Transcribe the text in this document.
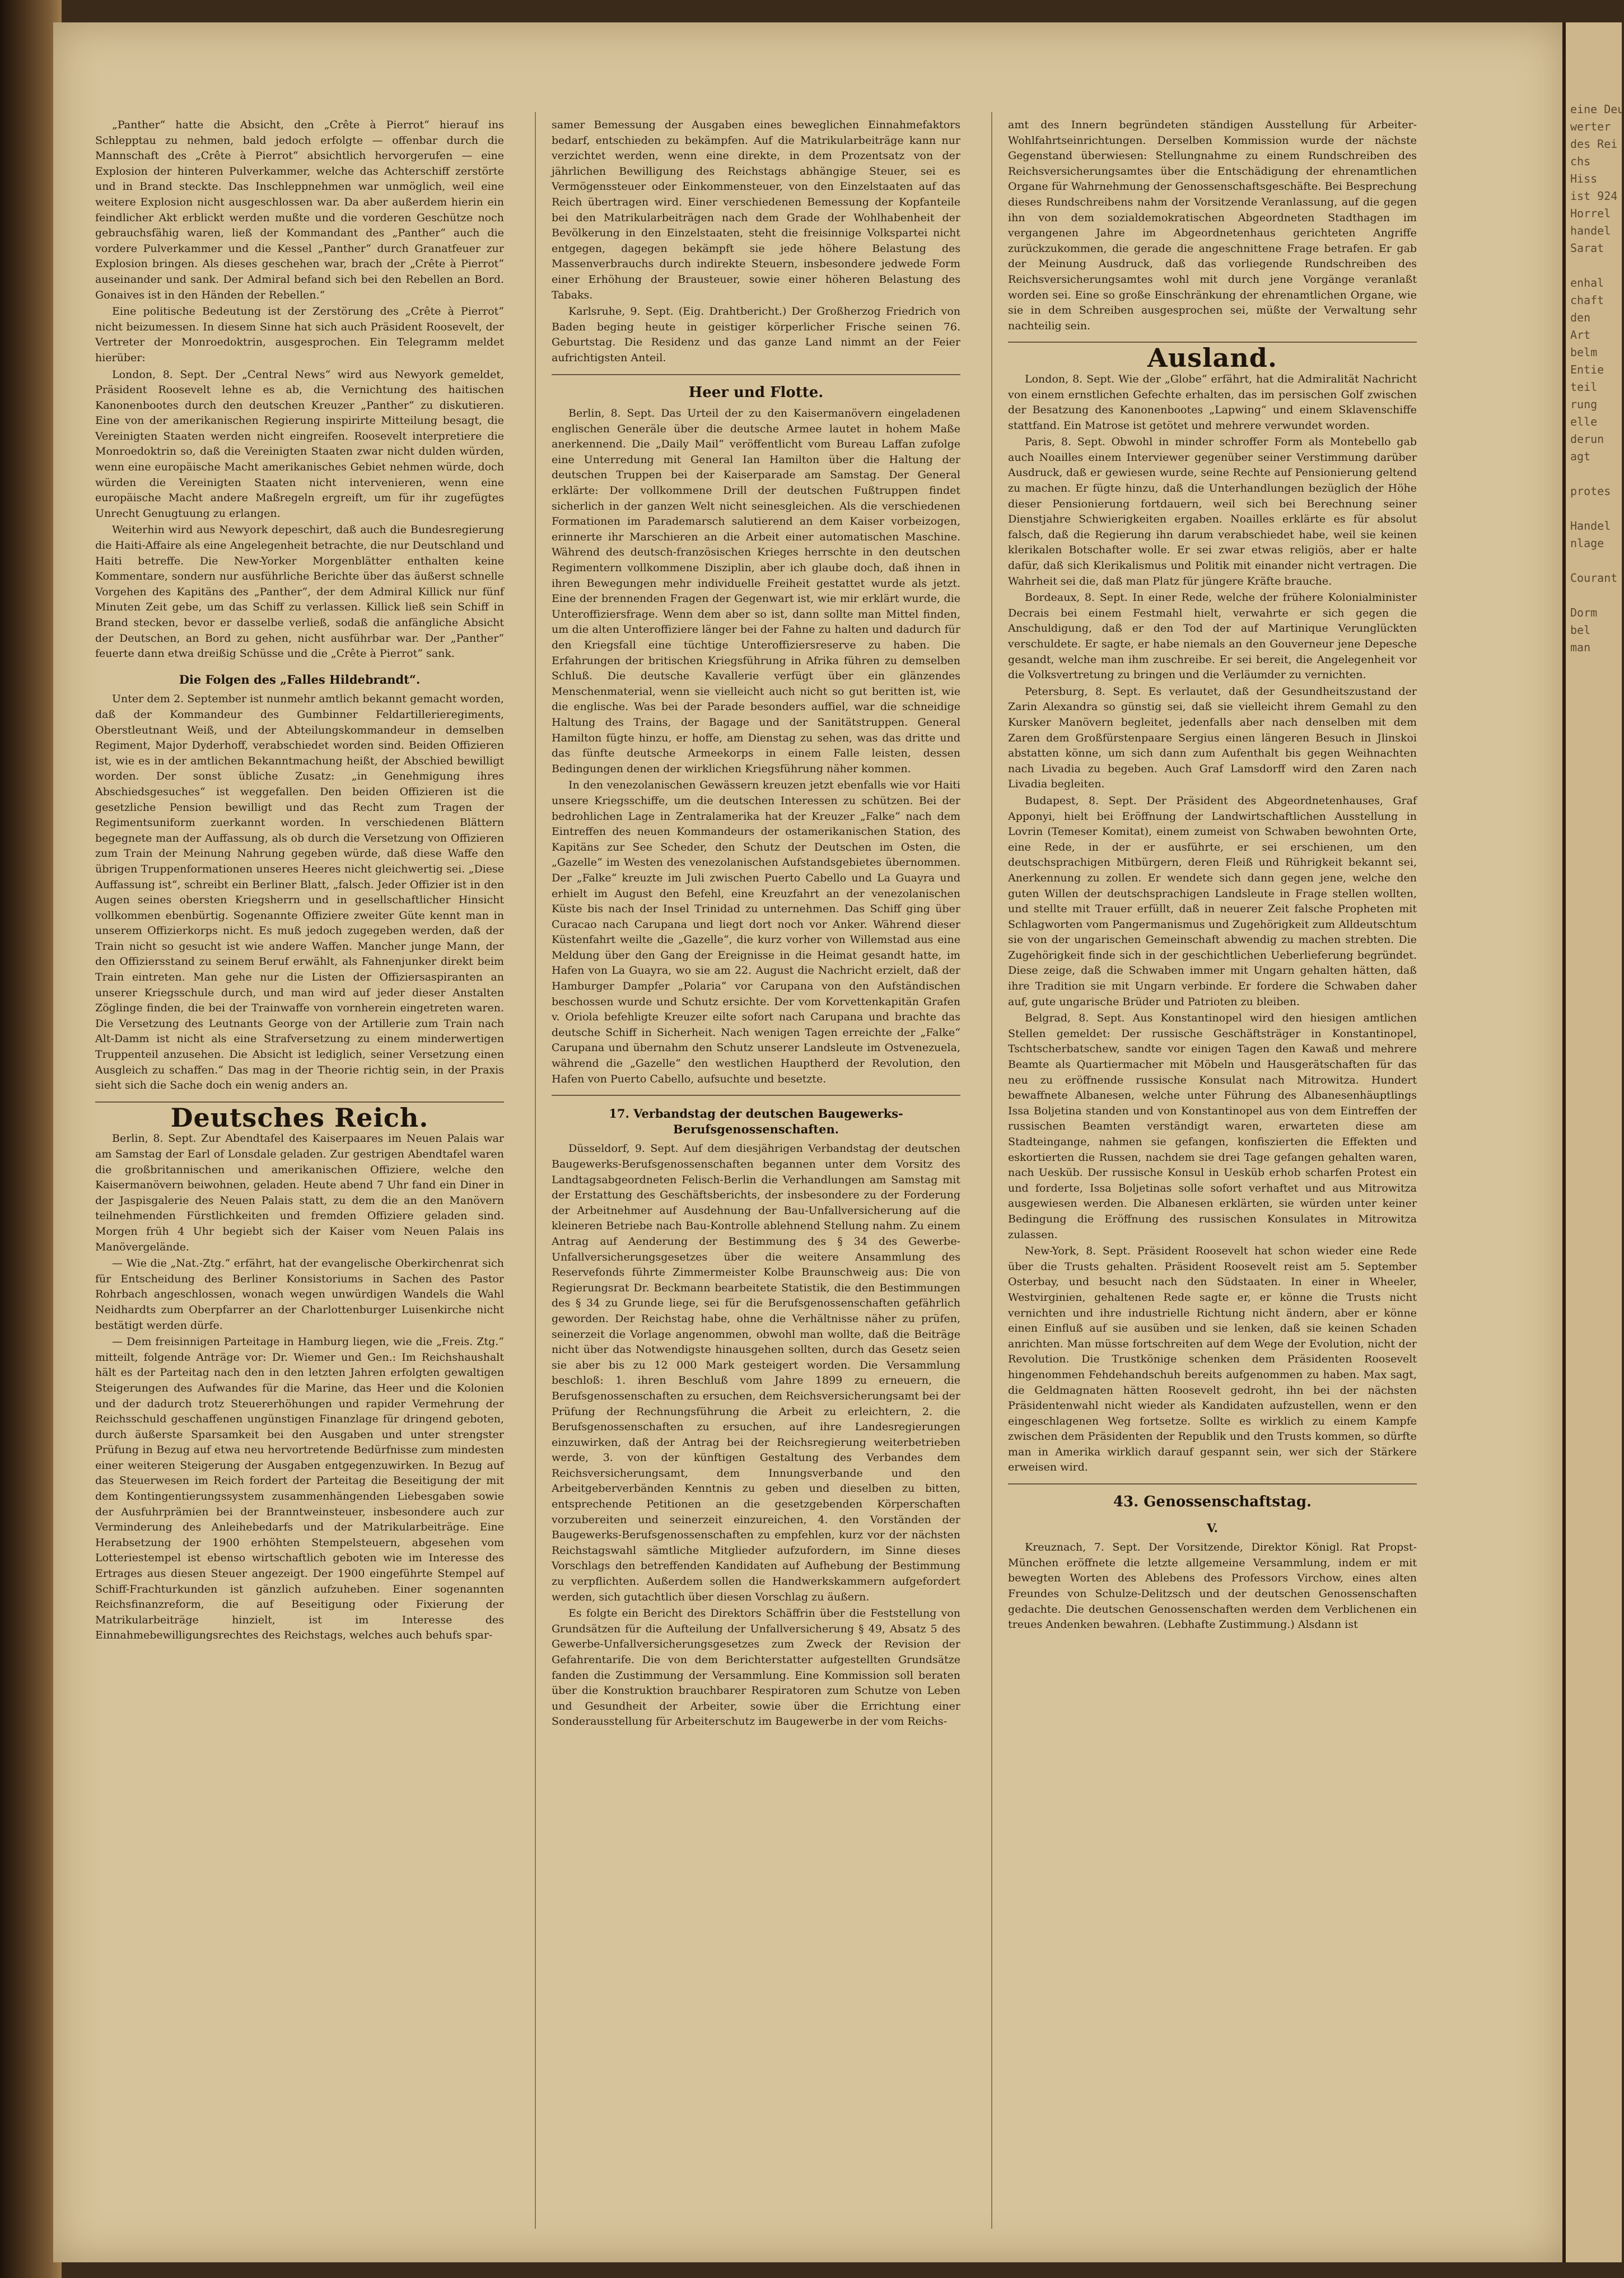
„Panther“ hatte die Absicht, den „Crête à Pierrot“ hierauf ins Schlepptau zu nehmen, bald jedoch erfolgte — offenbar durch die Mannschaft des „Crête à Pierrot“ absichtlich hervorgerufen — eine Explosion der hinteren Pulverkammer, welche das Achterschiff zerstörte und in Brand steckte. Das Inschleppnehmen war unmöglich, weil eine weitere Explosion nicht ausgeschlossen war. Da aber außerdem hierin ein feindlicher Akt erblickt werden mußte und die vorderen Geschütze noch gebrauchsfähig waren, ließ der Kommandant des „Panther“ auch die vordere Pulverkammer und die Kessel „Panther“ durch Granatfeuer zur Explosion bringen. Als dieses geschehen war, brach der „Crête à Pierrot“ auseinander und sank. Der Admiral befand sich bei den Rebellen an Bord. Gonaives ist in den Händen der Rebellen.“

Eine politische Bedeutung ist der Zerstörung des „Crête à Pierrot“ nicht beizumessen. In diesem Sinne hat sich auch Präsident Roosevelt, der Vertreter der Monroedoktrin, ausgesprochen. Ein Telegramm meldet hierüber:

London, 8. Sept. Der „Central News“ wird aus Newyork gemeldet, Präsident Roosevelt lehne es ab, die Vernichtung des haitischen Kanonenbootes durch den deutschen Kreuzer „Panther“ zu diskutieren. Eine von der amerikanischen Regierung inspirirte Mitteilung besagt, die Vereinigten Staaten werden nicht eingreifen. Roosevelt interpretiere die Monroedoktrin so, daß die Vereinigten Staaten zwar nicht dulden würden, wenn eine europäische Macht amerikanisches Gebiet nehmen würde, doch würden die Vereinigten Staaten nicht intervenieren, wenn eine europäische Macht andere Maßregeln ergreift, um für ihr zugefügtes Unrecht Genugtuung zu erlangen.

Weiterhin wird aus Newyork depeschirt, daß auch die Bundesregierung die Haiti-Affaire als eine Angelegenheit betrachte, die nur Deutschland und Haiti betreffe. Die New-Yorker Morgenblätter enthalten keine Kommentare, sondern nur ausführliche Berichte über das äußerst schnelle Vorgehen des Kapitäns des „Panther“, der dem Admiral Killick nur fünf Minuten Zeit gebe, um das Schiff zu verlassen. Killick ließ sein Schiff in Brand stecken, bevor er dasselbe verließ, sodaß die anfängliche Absicht der Deutschen, an Bord zu gehen, nicht ausführbar war. Der „Panther“ feuerte dann etwa dreißig Schüsse und die „Crête à Pierrot“ sank.

Die Folgen des „Falles Hildebrandt“.

Unter dem 2. September ist nunmehr amtlich bekannt gemacht worden, daß der Kommandeur des Gumbinner Feldartillerieregiments, Oberstleutnant Weiß, und der Abteilungskommandeur in demselben Regiment, Major Dyderhoff, verabschiedet worden sind. Beiden Offizieren ist, wie es in der amtlichen Bekanntmachung heißt, der Abschied bewilligt worden. Der sonst übliche Zusatz: „in Genehmigung ihres Abschiedsgesuches“ ist weggefallen. Den beiden Offizieren ist die gesetzliche Pension bewilligt und das Recht zum Tragen der Regimentsuniform zuerkannt worden. In verschiedenen Blättern begegnete man der Auffassung, als ob durch die Versetzung von Offizieren zum Train der Meinung Nahrung gegeben würde, daß diese Waffe den übrigen Truppenformationen unseres Heeres nicht gleichwertig sei. „Diese Auffassung ist“, schreibt ein Berliner Blatt, „falsch. Jeder Offizier ist in den Augen seines obersten Kriegsherrn und in gesellschaftlicher Hinsicht vollkommen ebenbürtig. Sogenannte Offiziere zweiter Güte kennt man in unserem Offizierkorps nicht. Es muß jedoch zugegeben werden, daß der Train nicht so gesucht ist wie andere Waffen. Mancher junge Mann, der den Offiziersstand zu seinem Beruf erwählt, als Fahnenjunker direkt beim Train eintreten. Man gehe nur die Listen der Offiziersaspiranten an unserer Kriegsschule durch, und man wird auf jeder dieser Anstalten Zöglinge finden, die bei der Trainwaffe von vornherein eingetreten waren. Die Versetzung des Leutnants George von der Artillerie zum Train nach Alt-Damm ist nicht als eine Strafversetzung zu einem minderwertigen Truppenteil anzusehen. Die Absicht ist lediglich, seiner Versetzung einen Ausgleich zu schaffen.“ Das mag in der Theorie richtig sein, in der Praxis sieht sich die Sache doch ein wenig anders an.

Deutsches Reich.

Berlin, 8. Sept. Zur Abendtafel des Kaiserpaares im Neuen Palais war am Samstag der Earl of Lonsdale geladen. Zur gestrigen Abendtafel waren die großbritannischen und amerikanischen Offiziere, welche den Kaisermanövern beiwohnen, geladen. Heute abend 7 Uhr fand ein Diner in der Jaspisgalerie des Neuen Palais statt, zu dem die an den Manövern teilnehmenden Fürstlichkeiten und fremden Offiziere geladen sind. Morgen früh 4 Uhr begiebt sich der Kaiser vom Neuen Palais ins Manövergelände.

— Wie die „Nat.-Ztg.“ erfährt, hat der evangelische Oberkirchenrat sich für Entscheidung des Berliner Konsistoriums in Sachen des Pastor Rohrbach angeschlossen, wonach wegen unwürdigen Wandels die Wahl Neidhardts zum Oberpfarrer an der Charlottenburger Luisenkirche nicht bestätigt werden dürfe.

— Dem freisinnigen Parteitage in Hamburg liegen, wie die „Freis. Ztg.“ mitteilt, folgende Anträge vor: Dr. Wiemer und Gen.: Im Reichshaushalt hält es der Parteitag nach den in den letzten Jahren erfolgten gewaltigen Steigerungen des Aufwandes für die Marine, das Heer und die Kolonien und der dadurch trotz Steuererhöhungen und rapider Vermehrung der Reichsschuld geschaffenen ungünstigen Finanzlage für dringend geboten, durch äußerste Sparsamkeit bei den Ausgaben und unter strengster Prüfung in Bezug auf etwa neu hervortretende Bedürfnisse zum mindesten einer weiteren Steigerung der Ausgaben entgegenzuwirken. In Bezug auf das Steuerwesen im Reich fordert der Parteitag die Beseitigung der mit dem Kontingentierungssystem zusammenhängenden Liebesgaben sowie der Ausfuhrprämien bei der Branntweinsteuer, insbesondere auch zur Verminderung des Anleihebedarfs und der Matrikularbeiträge. Eine Herabsetzung der 1900 erhöhten Stempelsteuern, abgesehen vom Lotteriestempel ist ebenso wirtschaftlich geboten wie im Interesse des Ertrages aus diesen Steuer angezeigt. Der 1900 eingeführte Stempel auf Schiff-Frachturkunden ist gänzlich aufzuheben. Einer sogenannten Reichsfinanzreform, die auf Beseitigung oder Fixierung der Matrikularbeiträge hinzielt, ist im Interesse des Einnahmebewilligungsrechtes des Reichstags, welches auch behufs spar-

samer Bemessung der Ausgaben eines beweglichen Einnahmefaktors bedarf, entschieden zu bekämpfen. Auf die Matrikularbeiträge kann nur verzichtet werden, wenn eine direkte, in dem Prozentsatz von der jährlichen Bewilligung des Reichstags abhängige Steuer, sei es Vermögenssteuer oder Einkommensteuer, von den Einzelstaaten auf das Reich übertragen wird. Einer verschiedenen Bemessung der Kopfanteile bei den Matrikularbeiträgen nach dem Grade der Wohlhabenheit der Bevölkerung in den Einzelstaaten, steht die freisinnige Volkspartei nicht entgegen, dagegen bekämpft sie jede höhere Belastung des Massenverbrauchs durch indirekte Steuern, insbesondere jedwede Form einer Erhöhung der Brausteuer, sowie einer höheren Belastung des Tabaks.

Karlsruhe, 9. Sept. (Eig. Drahtbericht.) Der Großherzog Friedrich von Baden beging heute in geistiger körperlicher Frische seinen 76. Geburtstag. Die Residenz und das ganze Land nimmt an der Feier aufrichtigsten Anteil.

Heer und Flotte.

Berlin, 8. Sept. Das Urteil der zu den Kaisermanövern eingeladenen englischen Generäle über die deutsche Armee lautet in hohem Maße anerkennend. Die „Daily Mail“ veröffentlicht vom Bureau Laffan zufolge eine Unterredung mit General Ian Hamilton über die Haltung der deutschen Truppen bei der Kaiserparade am Samstag. Der General erklärte: Der vollkommene Drill der deutschen Fußtruppen findet sicherlich in der ganzen Welt nicht seinesgleichen. Als die verschiedenen Formationen im Parademarsch salutierend an dem Kaiser vorbeizogen, erinnerte ihr Marschieren an die Arbeit einer automatischen Maschine. Während des deutsch-französischen Krieges herrschte in den deutschen Regimentern vollkommene Disziplin, aber ich glaube doch, daß ihnen in ihren Bewegungen mehr individuelle Freiheit gestattet wurde als jetzt. Eine der brennenden Fragen der Gegenwart ist, wie mir erklärt wurde, die Unteroffiziersfrage. Wenn dem aber so ist, dann sollte man Mittel finden, um die alten Unteroffiziere länger bei der Fahne zu halten und dadurch für den Kriegsfall eine tüchtige Unteroffiziersreserve zu haben. Die Erfahrungen der britischen Kriegsführung in Afrika führen zu demselben Schluß. Die deutsche Kavallerie verfügt über ein glänzendes Menschenmaterial, wenn sie vielleicht auch nicht so gut beritten ist, wie die englische. Was bei der Parade besonders auffiel, war die schneidige Haltung des Trains, der Bagage und der Sanitätstruppen. General Hamilton fügte hinzu, er hoffe, am Dienstag zu sehen, was das dritte und das fünfte deutsche Armeekorps in einem Falle leisten, dessen Bedingungen denen der wirklichen Kriegsführung näher kommen.

In den venezolanischen Gewässern kreuzen jetzt ebenfalls wie vor Haiti unsere Kriegsschiffe, um die deutschen Interessen zu schützen. Bei der bedrohlichen Lage in Zentralamerika hat der Kreuzer „Falke“ nach dem Eintreffen des neuen Kommandeurs der ostamerikanischen Station, des Kapitäns zur See Scheder, den Schutz der Deutschen im Osten, die „Gazelle“ im Westen des venezolanischen Aufstandsgebietes übernommen. Der „Falke“ kreuzte im Juli zwischen Puerto Cabello und La Guayra und erhielt im August den Befehl, eine Kreuzfahrt an der venezolanischen Küste bis nach der Insel Trinidad zu unternehmen. Das Schiff ging über Curacao nach Carupana und liegt dort noch vor Anker. Während dieser Küstenfahrt weilte die „Gazelle“, die kurz vorher von Willemstad aus eine Meldung über den Gang der Ereignisse in die Heimat gesandt hatte, im Hafen von La Guayra, wo sie am 22. August die Nachricht erzielt, daß der Hamburger Dampfer „Polaria“ vor Carupana von den Aufständischen beschossen wurde und Schutz ersichte. Der vom Korvettenkapitän Grafen v. Oriola befehligte Kreuzer eilte sofort nach Carupana und brachte das deutsche Schiff in Sicherheit. Nach wenigen Tagen erreichte der „Falke“ Carupana und übernahm den Schutz unserer Landsleute im Ostvenezuela, während die „Gazelle“ den westlichen Hauptherd der Revolution, den Hafen von Puerto Cabello, aufsuchte und besetzte.

17. Verbandstag der deutschen Baugewerks-Berufsgenossenschaften.

Düsseldorf, 9. Sept. Auf dem diesjährigen Verbandstag der deutschen Baugewerks-Berufsgenossenschaften begannen unter dem Vorsitz des Landtagsabgeordneten Felisch-Berlin die Verhandlungen am Samstag mit der Erstattung des Geschäftsberichts, der insbesondere zu der Forderung der Arbeitnehmer auf Ausdehnung der Bau-Unfallversicherung auf die kleineren Betriebe nach Bau-Kontrolle ablehnend Stellung nahm. Zu einem Antrag auf Aenderung der Bestimmung des § 34 des Gewerbe-Unfallversicherungsgesetzes über die weitere Ansammlung des Reservefonds führte Zimmermeister Kolbe Braunschweig aus: Die von Regierungsrat Dr. Beckmann bearbeitete Statistik, die den Bestimmungen des § 34 zu Grunde liege, sei für die Berufsgenossenschaften gefährlich geworden. Der Reichstag habe, ohne die Verhältnisse näher zu prüfen, seinerzeit die Vorlage angenommen, obwohl man wollte, daß die Beiträge nicht über das Notwendigste hinausgehen sollten, durch das Gesetz seien sie aber bis zu 12 000 Mark gesteigert worden. Die Versammlung beschloß: 1. ihren Beschluß vom Jahre 1899 zu erneuern, die Berufsgenossenschaften zu ersuchen, dem Reichsversicherungsamt bei der Prüfung der Rechnungsführung die Arbeit zu erleichtern, 2. die Berufsgenossenschaften zu ersuchen, auf ihre Landesregierungen einzuwirken, daß der Antrag bei der Reichsregierung weiterbetrieben werde, 3. von der künftigen Gestaltung des Verbandes dem Reichsversicherungsamt, dem Innungsverbande und den Arbeitgeberverbänden Kenntnis zu geben und dieselben zu bitten, entsprechende Petitionen an die gesetzgebenden Körperschaften vorzubereiten und seinerzeit einzureichen, 4. den Vorständen der Baugewerks-Berufsgenossenschaften zu empfehlen, kurz vor der nächsten Reichstagswahl sämtliche Mitglieder aufzufordern, im Sinne dieses Vorschlags den betreffenden Kandidaten auf Aufhebung der Bestimmung zu verpflichten. Außerdem sollen die Handwerkskammern aufgefordert werden, sich gutachtlich über diesen Vorschlag zu äußern.

Es folgte ein Bericht des Direktors Schäffrin über die Feststellung von Grundsätzen für die Aufteilung der Unfallversicherung § 49, Absatz 5 des Gewerbe-Unfallversicherungsgesetzes zum Zweck der Revision der Gefahrentarife. Die von dem Berichterstatter aufgestellten Grundsätze fanden die Zustimmung der Versammlung. Eine Kommission soll beraten über die Konstruktion brauchbarer Respiratoren zum Schutze von Leben und Gesundheit der Arbeiter, sowie über die Errichtung einer Sonderausstellung für Arbeiterschutz im Baugewerbe in der vom Reichs-

amt des Innern begründeten ständigen Ausstellung für Arbeiter-Wohlfahrtseinrichtungen. Derselben Kommission wurde der nächste Gegenstand überwiesen: Stellungnahme zu einem Rundschreiben des Reichsversicherungsamtes über die Entschädigung der ehrenamtlichen Organe für Wahrnehmung der Genossenschaftsgeschäfte. Bei Besprechung dieses Rundschreibens nahm der Vorsitzende Veranlassung, auf die gegen ihn von dem sozialdemokratischen Abgeordneten Stadthagen im vergangenen Jahre im Abgeordnetenhaus gerichteten Angriffe zurückzukommen, die gerade die angeschnittene Frage betrafen. Er gab der Meinung Ausdruck, daß das vorliegende Rundschreiben des Reichsversicherungsamtes wohl mit durch jene Vorgänge veranlaßt worden sei. Eine so große Einschränkung der ehrenamtlichen Organe, wie sie in dem Schreiben ausgesprochen sei, müßte der Verwaltung sehr nachteilig sein.

Ausland.

London, 8. Sept. Wie der „Globe“ erfährt, hat die Admiralität Nachricht von einem ernstlichen Gefechte erhalten, das im persischen Golf zwischen der Besatzung des Kanonenbootes „Lapwing“ und einem Sklavenschiffe stattfand. Ein Matrose ist getötet und mehrere verwundet worden.

Paris, 8. Sept. Obwohl in minder schroffer Form als Montebello gab auch Noailles einem Interviewer gegenüber seiner Verstimmung darüber Ausdruck, daß er gewiesen wurde, seine Rechte auf Pensionierung geltend zu machen. Er fügte hinzu, daß die Unterhandlungen bezüglich der Höhe dieser Pensionierung fortdauern, weil sich bei Berechnung seiner Dienstjahre Schwierigkeiten ergaben. Noailles erklärte es für absolut falsch, daß die Regierung ihn darum verabschiedet habe, weil sie keinen klerikalen Botschafter wolle. Er sei zwar etwas religiös, aber er halte dafür, daß sich Klerikalismus und Politik mit einander nicht vertragen. Die Wahrheit sei die, daß man Platz für jüngere Kräfte brauche.

Bordeaux, 8. Sept. In einer Rede, welche der frühere Kolonialminister Decrais bei einem Festmahl hielt, verwahrte er sich gegen die Anschuldigung, daß er den Tod der auf Martinique Verunglückten verschuldete. Er sagte, er habe niemals an den Gouverneur jene Depesche gesandt, welche man ihm zuschreibe. Er sei bereit, die Angelegenheit vor die Volksvertretung zu bringen und die Verläumder zu vernichten.

Petersburg, 8. Sept. Es verlautet, daß der Gesundheitszustand der Zarin Alexandra so günstig sei, daß sie vielleicht ihrem Gemahl zu den Kursker Manövern begleitet, jedenfalls aber nach denselben mit dem Zaren dem Großfürstenpaare Sergius einen längeren Besuch in Jlinskoi abstatten könne, um sich dann zum Aufenthalt bis gegen Weihnachten nach Livadia zu begeben. Auch Graf Lamsdorff wird den Zaren nach Livadia begleiten.

Budapest, 8. Sept. Der Präsident des Abgeordnetenhauses, Graf Apponyi, hielt bei Eröffnung der Landwirtschaftlichen Ausstellung in Lovrin (Temeser Komitat), einem zumeist von Schwaben bewohnten Orte, eine Rede, in der er ausführte, er sei erschienen, um den deutschsprachigen Mitbürgern, deren Fleiß und Rührigkeit bekannt sei, Anerkennung zu zollen. Er wendete sich dann gegen jene, welche den guten Willen der deutschsprachigen Landsleute in Frage stellen wollten, und stellte mit Trauer erfüllt, daß in neuerer Zeit falsche Propheten mit Schlagworten vom Pangermanismus und Zugehörigkeit zum Alldeutschtum sie von der ungarischen Gemeinschaft abwendig zu machen strebten. Die Zugehörigkeit finde sich in der geschichtlichen Ueberlieferung begründet. Diese zeige, daß die Schwaben immer mit Ungarn gehalten hätten, daß ihre Tradition sie mit Ungarn verbinde. Er fordere die Schwaben daher auf, gute ungarische Brüder und Patrioten zu bleiben.

Belgrad, 8. Sept. Aus Konstantinopel wird den hiesigen amtlichen Stellen gemeldet: Der russische Geschäftsträger in Konstantinopel, Tschtscherbatschew, sandte vor einigen Tagen den Kawaß und mehrere Beamte als Quartiermacher mit Möbeln und Hausgerätschaften für das neu zu eröffnende russische Konsulat nach Mitrowitza. Hundert bewaffnete Albanesen, welche unter Führung des Albanesenhäuptlings Issa Boljetina standen und von Konstantinopel aus von dem Eintreffen der russischen Beamten verständigt waren, erwarteten diese am Stadteingange, nahmen sie gefangen, konfiszierten die Effekten und eskortierten die Russen, nachdem sie drei Tage gefangen gehalten waren, nach Uesküb. Der russische Konsul in Uesküb erhob scharfen Protest ein und forderte, Issa Boljetinas solle sofort verhaftet und aus Mitrowitza ausgewiesen werden. Die Albanesen erklärten, sie würden unter keiner Bedingung die Eröffnung des russischen Konsulates in Mitrowitza zulassen.

New-York, 8. Sept. Präsident Roosevelt hat schon wieder eine Rede über die Trusts gehalten. Präsident Roosevelt reist am 5. September Osterbay, und besucht nach den Südstaaten. In einer in Wheeler, Westvirginien, gehaltenen Rede sagte er, er könne die Trusts nicht vernichten und ihre industrielle Richtung nicht ändern, aber er könne einen Einfluß auf sie ausüben und sie lenken, daß sie keinen Schaden anrichten. Man müsse fortschreiten auf dem Wege der Evolution, nicht der Revolution. Die Trustkönige schenken dem Präsidenten Roosevelt hingenommen Fehdehandschuh bereits aufgenommen zu haben. Max sagt, die Geldmagnaten hätten Roosevelt gedroht, ihn bei der nächsten Präsidentenwahl nicht wieder als Kandidaten aufzustellen, wenn er den eingeschlagenen Weg fortsetze. Sollte es wirklich zu einem Kampfe zwischen dem Präsidenten der Republik und den Trusts kommen, so dürfte man in Amerika wirklich darauf gespannt sein, wer sich der Stärkere erweisen wird.

43. Genossenschaftstag.
V.

Kreuznach, 7. Sept. Der Vorsitzende, Direktor Königl. Rat Propst-München eröffnete die letzte allgemeine Versammlung, indem er mit bewegten Worten des Ablebens des Professors Virchow, eines alten Freundes von Schulze-Delitzsch und der deutschen Genossenschaften gedachte. Die deutschen Genossenschaften werden dem Verblichenen ein treues Andenken bewahren. (Lebhafte Zustimmung.) Alsdann ist

eine Deu
werter
des Rei
chs
Hiss
ist 924
Horrel
handel
Sarat

enhal
chaft
den
Art
belm
Entie
teil
rung
elle
derun
agt

protes

Handel
nlage

Courant

Dorm
bel
man
